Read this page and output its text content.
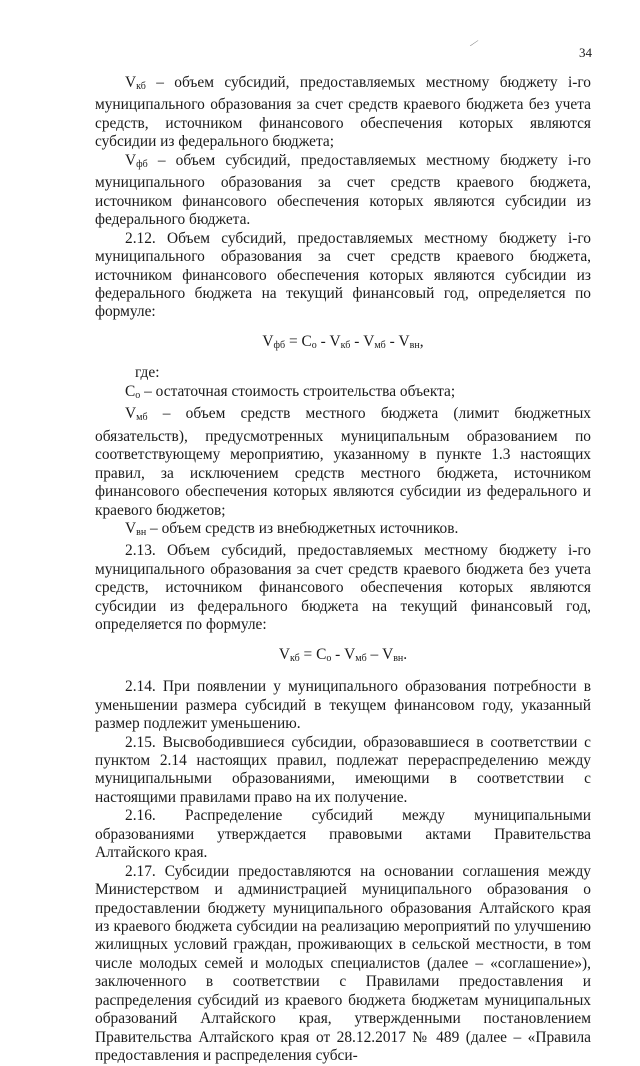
⁄
34

$V_{кб}$ – объем субсидий, предоставляемых местному бюджету i-го муниципального образования за счет средств краевого бюджета без учета средств, источником финансового обеспечения которых являются субсидии из федерального бюджета;

$V_{фб}$ – объем субсидий, предоставляемых местному бюджету i-го муниципального образования за счет средств краевого бюджета, источником финансового обеспечения которых являются субсидии из федерального бюджета.

2.12. Объем субсидий, предоставляемых местному бюджету i-го муниципального образования за счет средств краевого бюджета, источником финансового обеспечения которых являются субсидии из федерального бюджета на текущий финансовый год, определяется по формуле:

$V_{фб} = C_о - V_{кб} - V_{мб} - V_{вн}$,

где:

$C_о$ – остаточная стоимость строительства объекта;

$V_{мб}$ – объем средств местного бюджета (лимит бюджетных обязательств), предусмотренных муниципальным образованием по соответствующему мероприятию, указанному в пункте 1.3 настоящих правил, за исключением средств местного бюджета, источником финансового обеспечения которых являются субсидии из федерального и краевого бюджетов;

$V_{вн}$ – объем средств из внебюджетных источников.

2.13. Объем субсидий, предоставляемых местному бюджету i-го муниципального образования за счет средств краевого бюджета без учета средств, источником финансового обеспечения которых являются субсидии из федерального бюджета на текущий финансовый год, определяется по формуле:

$V_{кб} = C_о - V_{мб} - V_{вн}$.

2.14. При появлении у муниципального образования потребности в уменьшении размера субсидий в текущем финансовом году, указанный размер подлежит уменьшению.

2.15. Высвободившиеся субсидии, образовавшиеся в соответствии с пунктом 2.14 настоящих правил, подлежат перераспределению между муниципальными образованиями, имеющими в соответствии с настоящими правилами право на их получение.

2.16. Распределение субсидий между муниципальными образованиями утверждается правовыми актами Правительства Алтайского края.

2.17. Субсидии предоставляются на основании соглашения между Министерством и администрацией муниципального образования о предоставлении бюджету муниципального образования Алтайского края из краевого бюджета субсидии на реализацию мероприятий по улучшению жилищных условий граждан, проживающих в сельской местности, в том числе молодых семей и молодых специалистов (далее – «соглашение»), заключенного в соответствии с Правилами предоставления и распределения субсидий из краевого бюджета бюджетам муниципальных образований Алтайского края, утвержденными постановлением Правительства Алтайского края от 28.12.2017 № 489 (далее – «Правила предоставления и распределения субси-
